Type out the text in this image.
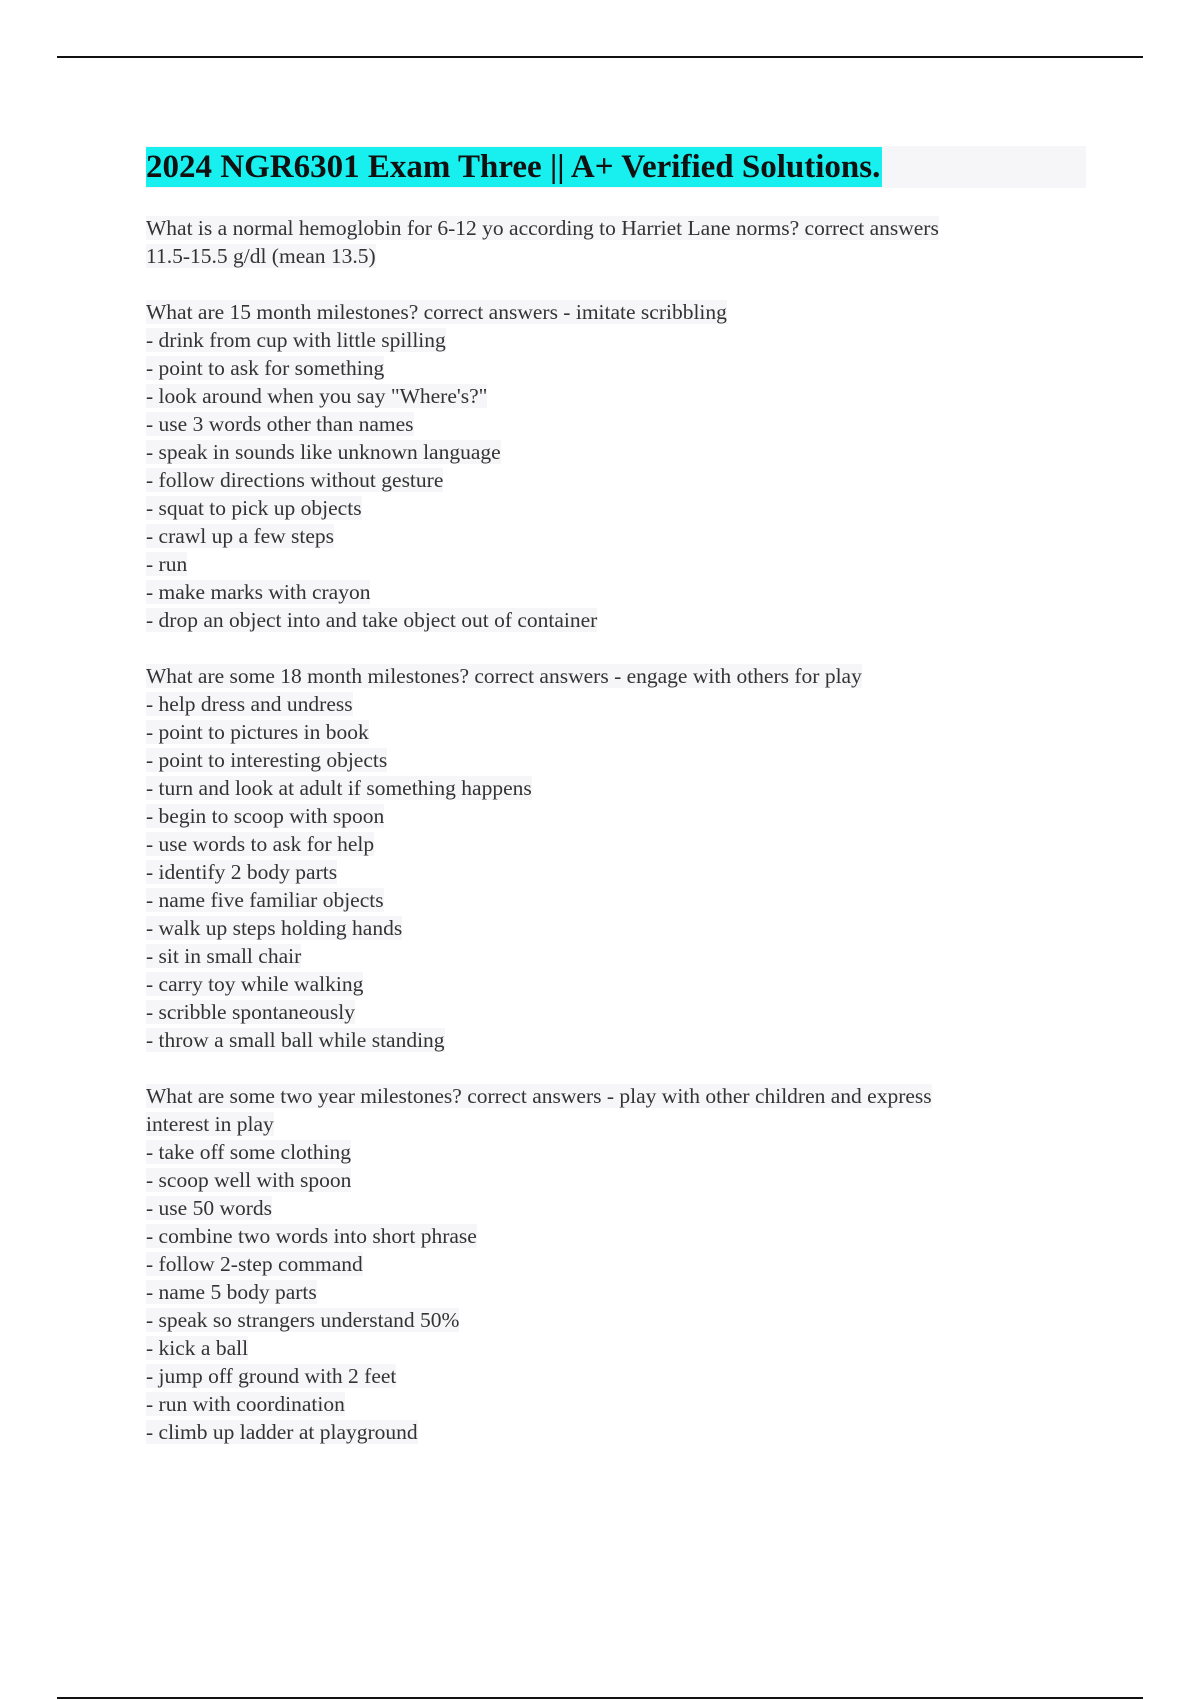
2024 NGR6301 Exam Three || A+ Verified Solutions.
What is a normal hemoglobin for 6-12 yo according to Harriet Lane norms? correct answers
11.5-15.5 g/dl (mean 13.5)
What are 15 month milestones? correct answers - imitate scribbling
- drink from cup with little spilling
- point to ask for something
- look around when you say "Where's?"
- use 3 words other than names
- speak in sounds like unknown language
- follow directions without gesture
- squat to pick up objects
- crawl up a few steps
- run
- make marks with crayon
- drop an object into and take object out of container
What are some 18 month milestones? correct answers - engage with others for play
- help dress and undress
- point to pictures in book
- point to interesting objects
- turn and look at adult if something happens
- begin to scoop with spoon
- use words to ask for help
- identify 2 body parts
- name five familiar objects
- walk up steps holding hands
- sit in small chair
- carry toy while walking
- scribble spontaneously
- throw a small ball while standing
What are some two year milestones? correct answers - play with other children and express
interest in play
- take off some clothing
- scoop well with spoon
- use 50 words
- combine two words into short phrase
- follow 2-step command
- name 5 body parts
- speak so strangers understand 50%
- kick a ball
- jump off ground with 2 feet
- run with coordination
- climb up ladder at playground
